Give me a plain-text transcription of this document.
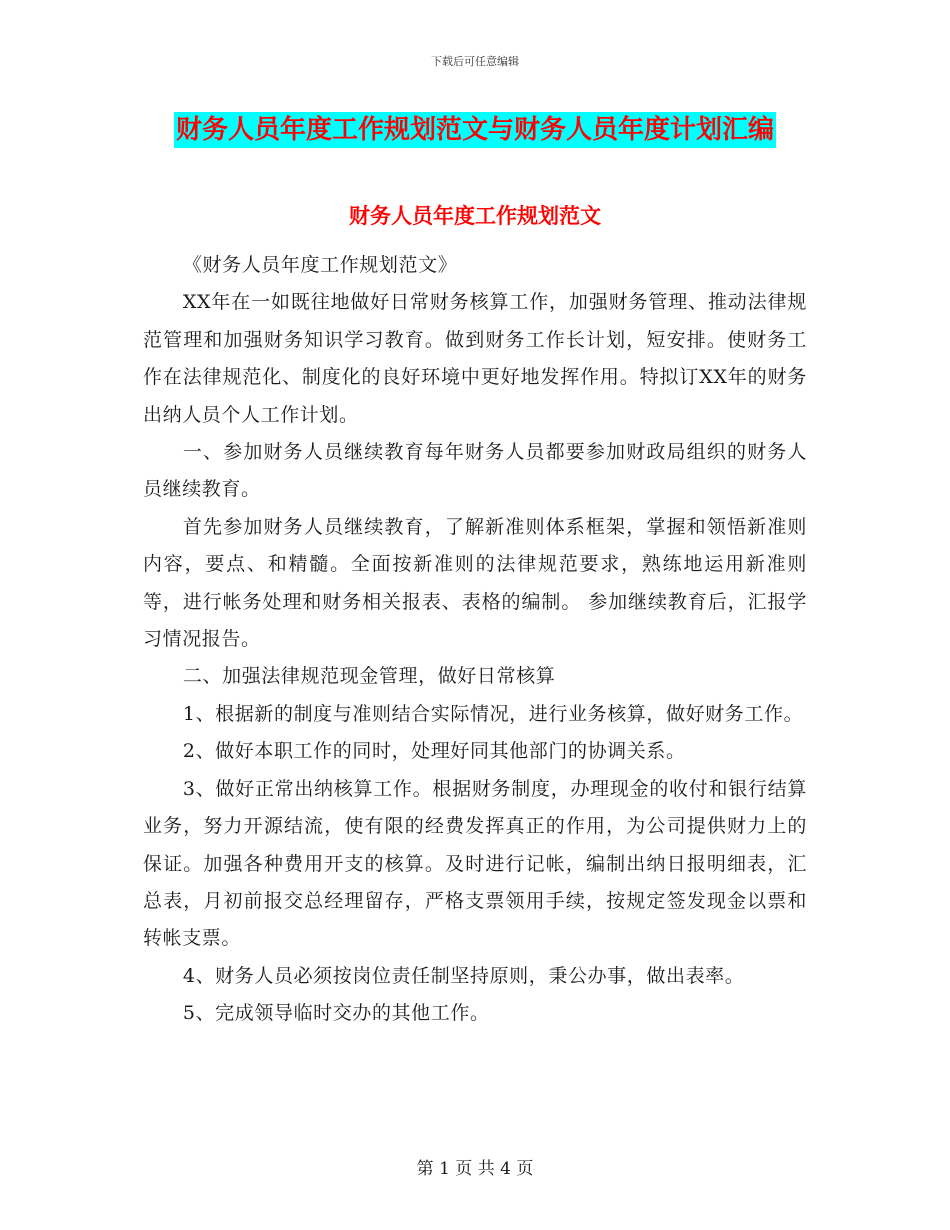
下载后可任意编辑
财务人员年度工作规划范文与财务人员年度计划汇编
财务人员年度工作规划范文

《财务人员年度工作规划范文》

XX年在一如既往地做好日常财务核算工作，加强财务管理、推动法律规范管理和加强财务知识学习教育。做到财务工作长计划，短安排。使财务工作在法律规范化、制度化的良好环境中更好地发挥作用。特拟订XX年的财务出纳人员个人工作计划。

一、参加财务人员继续教育每年财务人员都要参加财政局组织的财务人员继续教育。

首先参加财务人员继续教育，了解新准则体系框架，掌握和领悟新准则内容，要点、和精髓。全面按新准则的法律规范要求，熟练地运用新准则等，进行帐务处理和财务相关报表、表格的编制。 参加继续教育后，汇报学习情况报告。

二、加强法律规范现金管理，做好日常核算

1、根据新的制度与准则结合实际情况，进行业务核算，做好财务工作。

2、做好本职工作的同时，处理好同其他部门的协调关系。

3、做好正常出纳核算工作。根据财务制度，办理现金的收付和银行结算业务，努力开源结流，使有限的经费发挥真正的作用，为公司提供财力上的保证。加强各种费用开支的核算。及时进行记帐，编制出纳日报明细表，汇总表，月初前报交总经理留存，严格支票领用手续，按规定签发现金以票和转帐支票。

4、财务人员必须按岗位责任制坚持原则，秉公办事，做出表率。

5、完成领导临时交办的其他工作。

第 1 页 共 4 页
